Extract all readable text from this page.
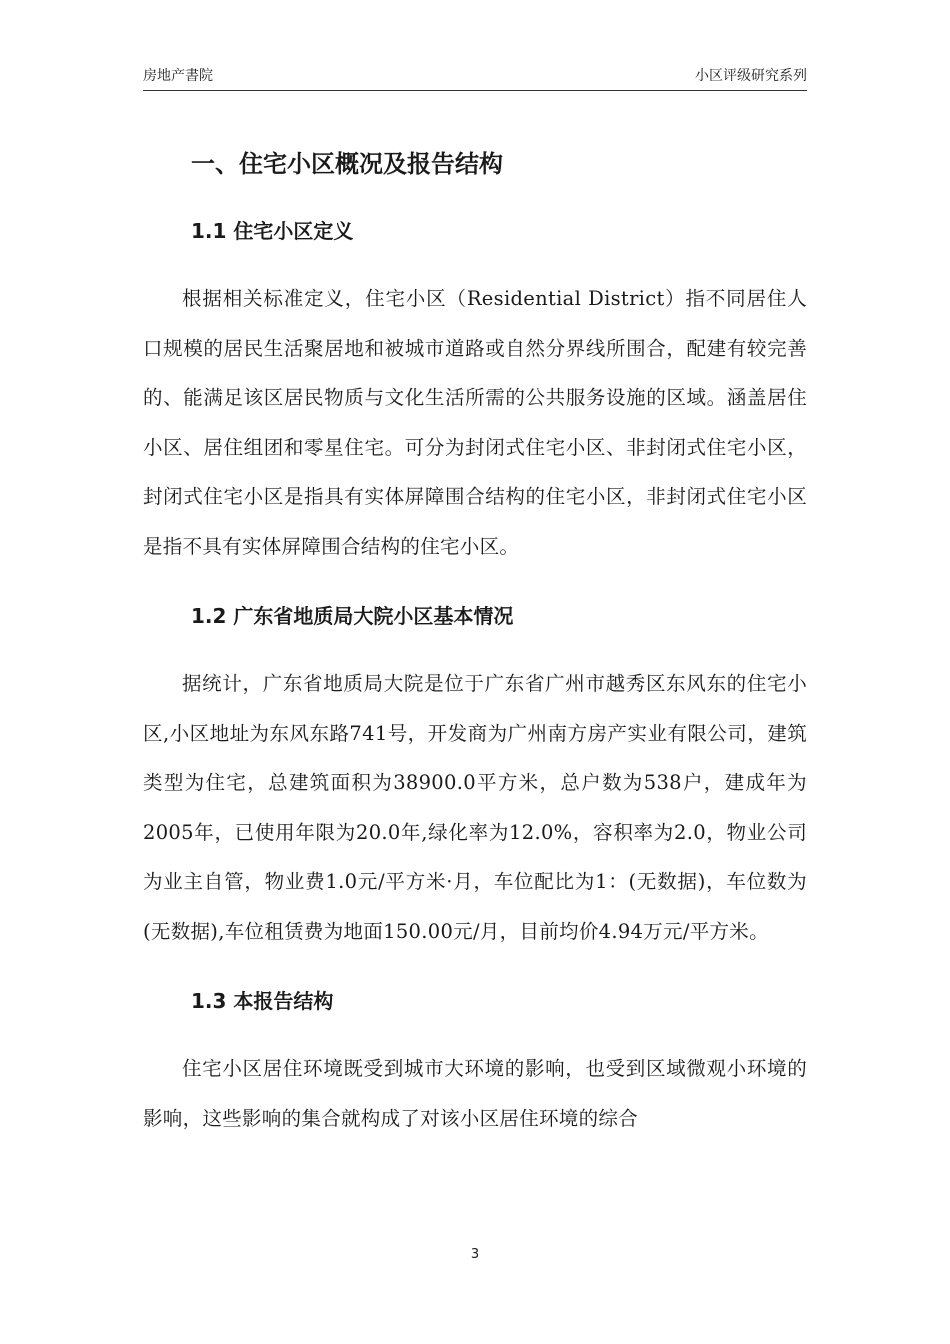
房地产書院	小区评级研究系列
一、住宅小区概况及报告结构
1.1 住宅小区定义

根据相关标准定义，住宅小区（Residential District）指不同居住人口规模的居民生活聚居地和被城市道路或自然分界线所围合，配建有较完善的、能满足该区居民物质与文化生活所需的公共服务设施的区域。涵盖居住小区、居住组团和零星住宅。可分为封闭式住宅小区、非封闭式住宅小区，封闭式住宅小区是指具有实体屏障围合结构的住宅小区，非封闭式住宅小区是指不具有实体屏障围合结构的住宅小区。

1.2 广东省地质局大院小区基本情况

据统计，广东省地质局大院是位于广东省广州市越秀区东风东的住宅小区,小区地址为东风东路741号，开发商为广州南方房产实业有限公司，建筑类型为住宅，总建筑面积为38900.0平方米，总户数为538户，建成年为2005年，已使用年限为20.0年,绿化率为12.0%，容积率为2.0，物业公司为业主自管，物业费1.0元/平方米·月，车位配比为1：(无数据)，车位数为(无数据),车位租赁费为地面150.00元/月，目前均价4.94万元/平方米。

1.3 本报告结构

住宅小区居住环境既受到城市大环境的影响，也受到区域微观小环境的影响，这些影响的集合就构成了对该小区居住环境的综合

3
